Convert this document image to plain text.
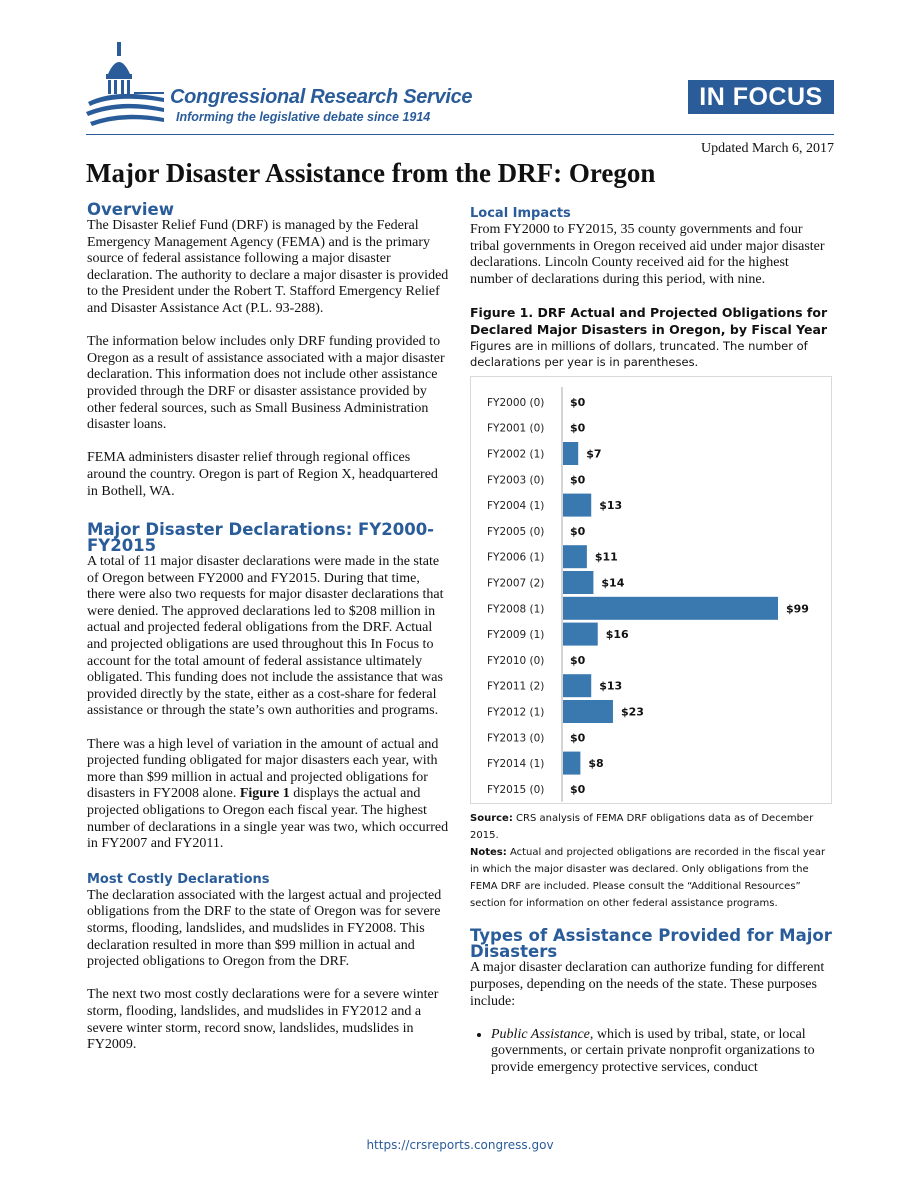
Congressional Research Service
Informing the legislative debate since 1914
IN FOCUS
Updated March 6, 2017
Major Disaster Assistance from the DRF: Oregon
Overview

The Disaster Relief Fund (DRF) is managed by the Federal Emergency Management Agency (FEMA) and is the primary source of federal assistance following a major disaster declaration. The authority to declare a major disaster is provided to the President under the Robert T. Stafford Emergency Relief and Disaster Assistance Act (P.L. 93-288).

The information below includes only DRF funding provided to Oregon as a result of assistance associated with a major disaster declaration. This information does not include other assistance provided through the DRF or disaster assistance provided by other federal sources, such as Small Business Administration disaster loans.

FEMA administers disaster relief through regional offices around the country. Oregon is part of Region X, headquartered in Bothell, WA.

Major Disaster Declarations: FY2000-FY2015

A total of 11 major disaster declarations were made in the state of Oregon between FY2000 and FY2015. During that time, there were also two requests for major disaster declarations that were denied. The approved declarations led to $208 million in actual and projected federal obligations from the DRF. Actual and projected obligations are used throughout this In Focus to account for the total amount of federal assistance ultimately obligated. This funding does not include the assistance that was provided directly by the state, either as a cost-share for federal assistance or through the state’s own authorities and programs.

There was a high level of variation in the amount of actual and projected funding obligated for major disasters each year, with more than $99 million in actual and projected obligations for disasters in FY2008 alone. Figure 1 displays the actual and projected obligations to Oregon each fiscal year. The highest number of declarations in a single year was two, which occurred in FY2007 and FY2011.

Most Costly Declarations

The declaration associated with the largest actual and projected obligations from the DRF to the state of Oregon was for severe storms, flooding, landslides, and mudslides in FY2008. This declaration resulted in more than $99 million in actual and projected obligations to Oregon from the DRF.

The next two most costly declarations were for a severe winter storm, flooding, landslides, and mudslides in FY2012 and a severe winter storm, record snow, landslides, mudslides in FY2009.

Local Impacts

From FY2000 to FY2015, 35 county governments and four tribal governments in Oregon received aid under major disaster declarations. Lincoln County received aid for the highest number of declarations during this period, with nine.

Figure 1. DRF Actual and Projected Obligations for Declared Major Disasters in Oregon, by Fiscal Year

Figures are in millions of dollars, truncated. The number of declarations per year is in parentheses.

FY2000 (0) $0
FY2001 (0) $0
FY2002 (1)	$7
FY2003 (0) $0
FY2004 (1)	$13
FY2005 (0) $0
FY2006 (1)	$11
FY2007 (2)	$14
FY2008 (1)	$99
FY2009 (1)	$16
FY2010 (0) $0
FY2011 (2)	$13
FY2012 (1)	$23
FY2013 (0) $0
FY2014 (1)	$8
FY2015 (0) $0

Source: CRS analysis of FEMA DRF obligations data as of December 2015.

Notes: Actual and projected obligations are recorded in the fiscal year in which the major disaster was declared. Only obligations from the FEMA DRF are included. Please consult the “Additional Resources” section for information on other federal assistance programs.

Types of Assistance Provided for Major Disasters

A major disaster declaration can authorize funding for different purposes, depending on the needs of the state. These purposes include:

• Public Assistance, which is used by tribal, state, or local governments, or certain private nonprofit organizations to provide emergency protective services, conduct
https://crsreports.congress.gov
